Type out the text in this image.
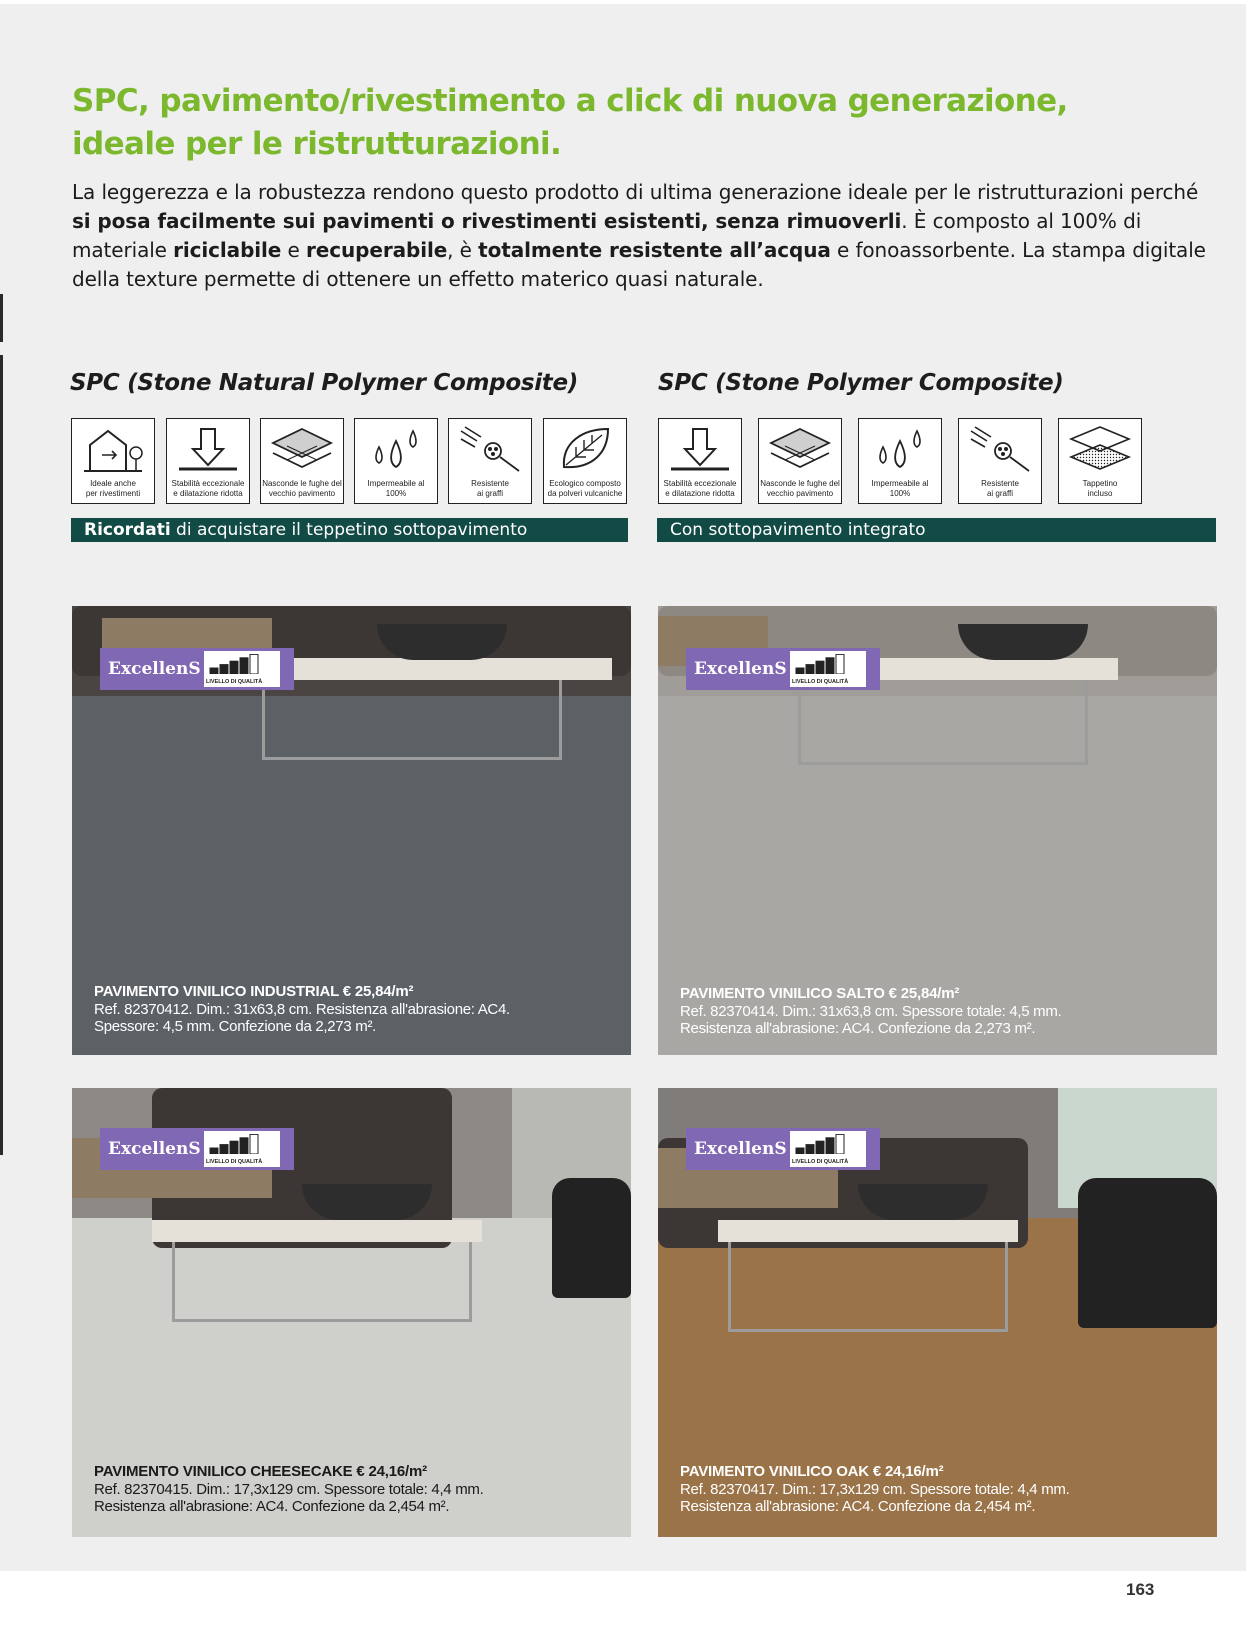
SPC, pavimento/rivestimento a click di nuova generazione,
ideale per le ristrutturazioni.

La leggerezza e la robustezza rendono questo prodotto di ultima generazione ideale per le ristrutturazioni perché si posa facilmente sui pavimenti o rivestimenti esistenti, senza rimuoverli. È composto al 100% di materiale riciclabile e recuperabile, è totalmente resistente all’acqua e fonoassorbente. La stampa digitale della texture permette di ottenere un effetto materico quasi naturale.

SPC (Stone Natural Polymer Composite)
Ideale anche
per rivestimenti
Stabilità eccezionale
e dilatazione ridotta
Nasconde le fughe del
vecchio pavimento
Impermeabile al
100%
Resistente
ai graffi
Ecologico composto
da polveri vulcaniche
Ricordati di acquistare il teppetino sottopavimento
SPC (Stone Polymer Composite)
Stabilità eccezionale
e dilatazione ridotta
Nasconde le fughe del
vecchio pavimento
Impermeabile al
100%
Resistente
ai graffi
Tappetino
incluso
Con sottopavimento integrato
ExcellenS
LIVELLO DI QUALITÀ
PAVIMENTO VINILICO INDUSTRIAL € 25,84/m²
Ref. 82370412. Dim.: 31x63,8 cm. Resistenza all'abrasione: AC4.
Spessore: 4,5 mm. Confezione da 2,273 m².
ExcellenS
LIVELLO DI QUALITÀ
PAVIMENTO VINILICO SALTO € 25,84/m²
Ref. 82370414. Dim.: 31x63,8 cm. Spessore totale: 4,5 mm.
Resistenza all'abrasione: AC4. Confezione da 2,273 m².
ExcellenS
LIVELLO DI QUALITÀ
PAVIMENTO VINILICO CHEESECAKE € 24,16/m²
Ref. 82370415. Dim.: 17,3x129 cm. Spessore totale: 4,4 mm.
Resistenza all'abrasione: AC4. Confezione da 2,454 m².
ExcellenS
LIVELLO DI QUALITÀ
PAVIMENTO VINILICO OAK € 24,16/m²
Ref. 82370417. Dim.: 17,3x129 cm. Spessore totale: 4,4 mm.
Resistenza all'abrasione: AC4. Confezione da 2,454 m².
163
